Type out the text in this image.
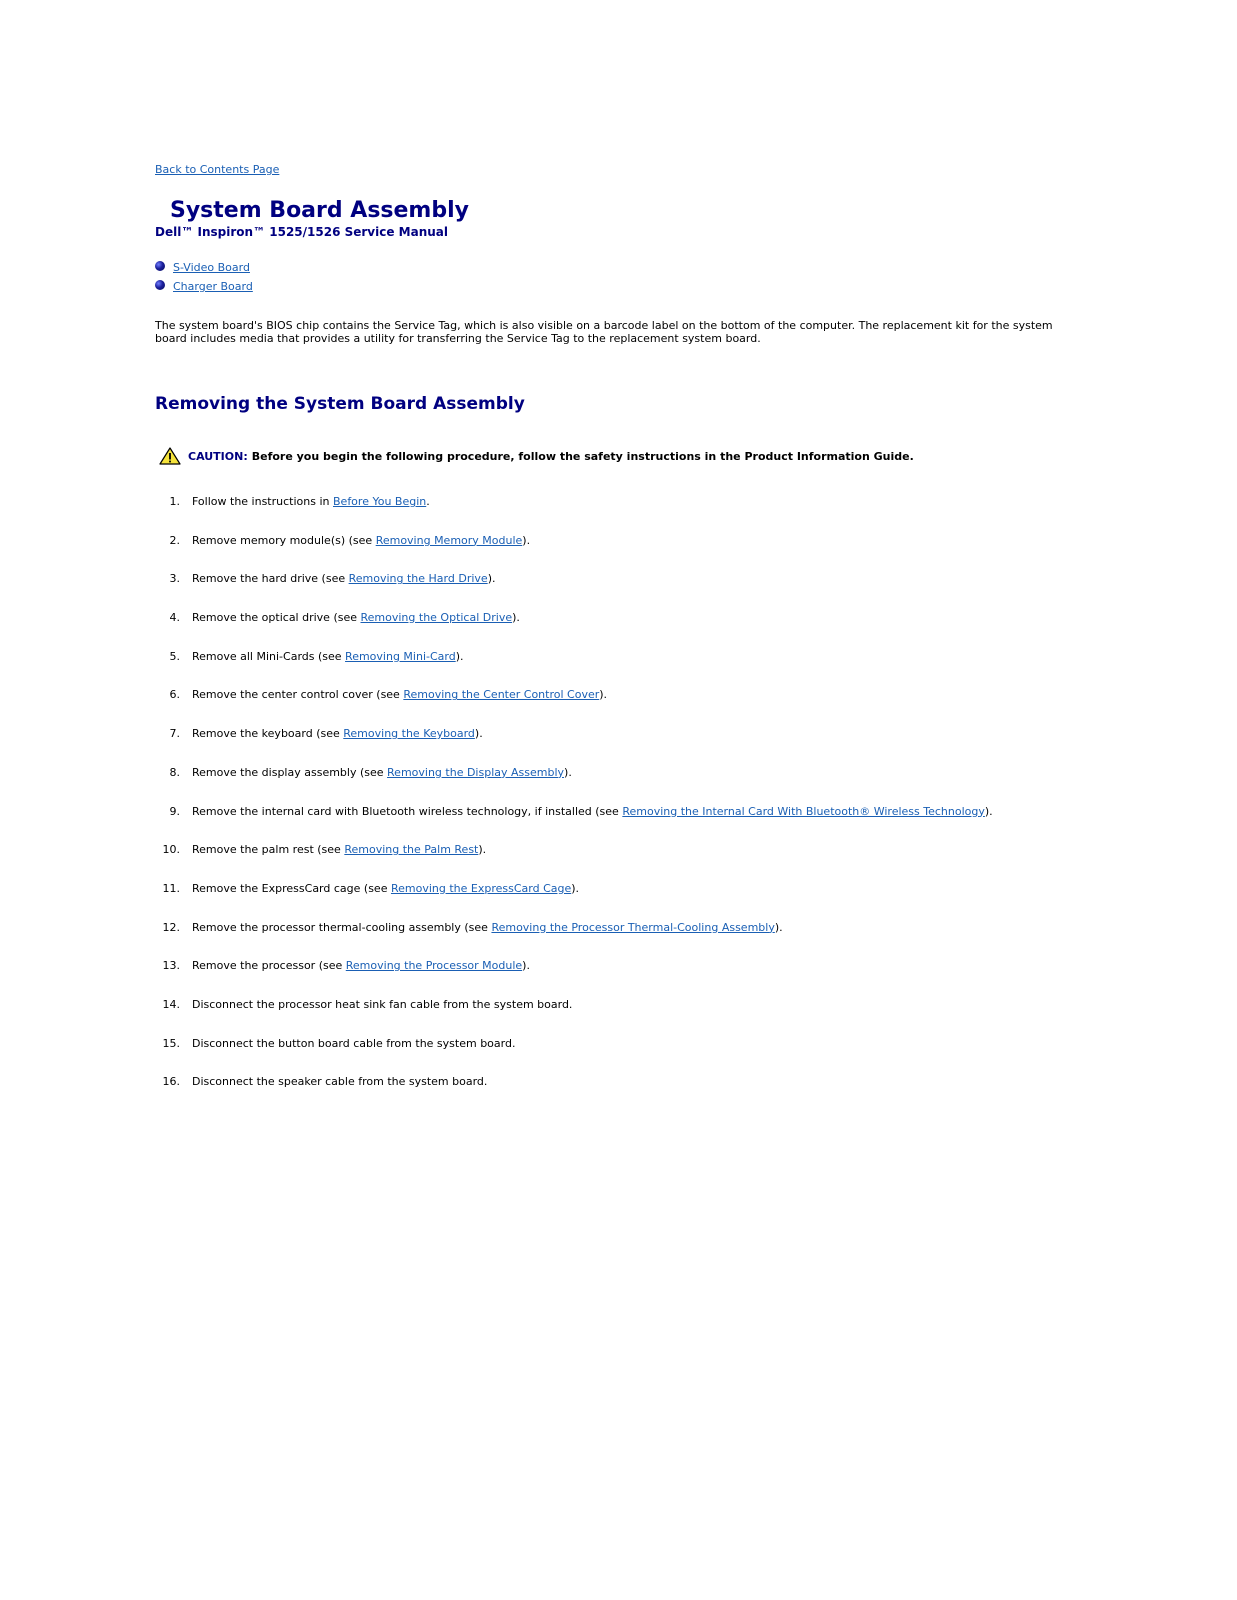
Back to Contents Page
System Board Assembly
Dell™ Inspiron™ 1525/1526 Service Manual
S-Video Board
Charger Board

The system board's BIOS chip contains the Service Tag, which is also visible on a barcode label on the bottom of the computer. The replacement kit for the system board includes media that provides a utility for transferring the Service Tag to the replacement system board.

Removing the System Board Assembly
CAUTION: Before you begin the following procedure, follow the safety instructions in the Product Information Guide.
1. Follow the instructions in Before You Begin.
2. Remove memory module(s) (see Removing Memory Module).
3. Remove the hard drive (see Removing the Hard Drive).
4. Remove the optical drive (see Removing the Optical Drive).
5. Remove all Mini-Cards (see Removing Mini-Card).
6. Remove the center control cover (see Removing the Center Control Cover).
7. Remove the keyboard (see Removing the Keyboard).
8. Remove the display assembly (see Removing the Display Assembly).
9. Remove the internal card with Bluetooth wireless technology, if installed (see Removing the Internal Card With Bluetooth® Wireless Technology).
10. Remove the palm rest (see Removing the Palm Rest).
11. Remove the ExpressCard cage (see Removing the ExpressCard Cage).
12. Remove the processor thermal-cooling assembly (see Removing the Processor Thermal-Cooling Assembly).
13. Remove the processor (see Removing the Processor Module).
14. Disconnect the processor heat sink fan cable from the system board.
15. Disconnect the button board cable from the system board.
16. Disconnect the speaker cable from the system board.
